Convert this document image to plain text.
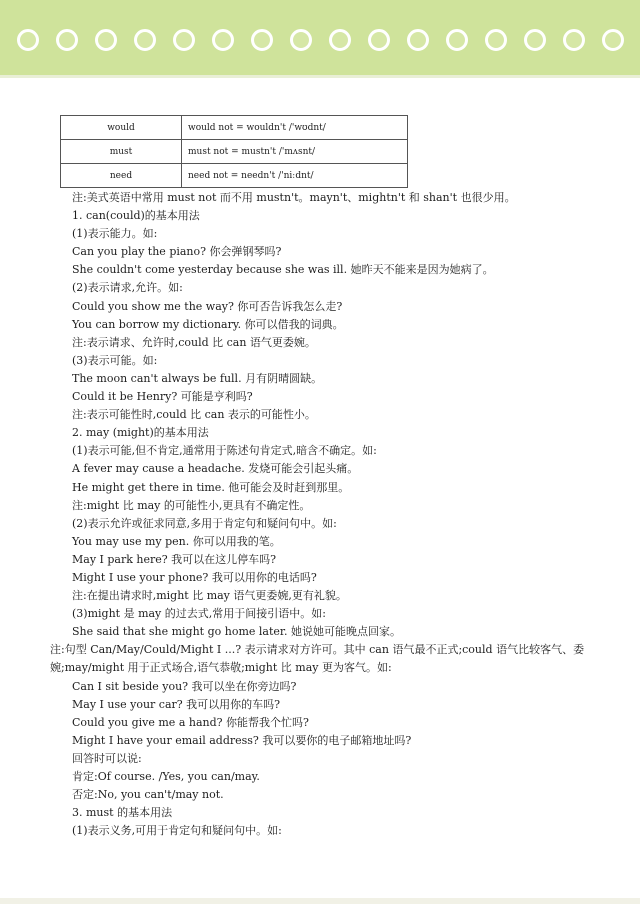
would	would not = wouldn't /'wʊdnt/
must	must not = mustn't /'mʌsnt/
need	need not = needn't /'niːdnt/
注:美式英语中常用 must not 而不用 mustn't。mayn't、mightn't 和 shan't 也很少用。
1. can(could)的基本用法
(1)表示能力。如:
Can you play the piano? 你会弹钢琴吗?
She couldn't come yesterday because she was ill. 她昨天不能来是因为她病了。
(2)表示请求,允许。如:
Could you show me the way? 你可否告诉我怎么走?
You can borrow my dictionary. 你可以借我的词典。
注:表示请求、允许时,could 比 can 语气更委婉。
(3)表示可能。如:
The moon can't always be full. 月有阴晴圆缺。
Could it be Henry? 可能是亨利吗?
注:表示可能性时,could 比 can 表示的可能性小。
2. may (might)的基本用法
(1)表示可能,但不肯定,通常用于陈述句肯定式,暗含不确定。如:
A fever may cause a headache. 发烧可能会引起头痛。
He might get there in time. 他可能会及时赶到那里。
注:might 比 may 的可能性小,更具有不确定性。
(2)表示允许或征求同意,多用于肯定句和疑问句中。如:
You may use my pen. 你可以用我的笔。
May I park here? 我可以在这儿停车吗?
Might I use your phone? 我可以用你的电话吗?
注:在提出请求时,might 比 may 语气更委婉,更有礼貌。
(3)might 是 may 的过去式,常用于间接引语中。如:
She said that she might go home later. 她说她可能晚点回家。
注:句型 Can/May/Could/Might I ...? 表示请求对方许可。其中 can 语气最不正式;could 语气比较客气、委婉;may/might 用于正式场合,语气恭敬;might 比 may 更为客气。如:
Can I sit beside you? 我可以坐在你旁边吗?
May I use your car? 我可以用你的车吗?
Could you give me a hand? 你能帮我个忙吗?
Might I have your email address? 我可以要你的电子邮箱地址吗?
回答时可以说:
肯定:Of course. /Yes, you can/may.
否定:No, you can't/may not.
3. must 的基本用法
(1)表示义务,可用于肯定句和疑问句中。如:
